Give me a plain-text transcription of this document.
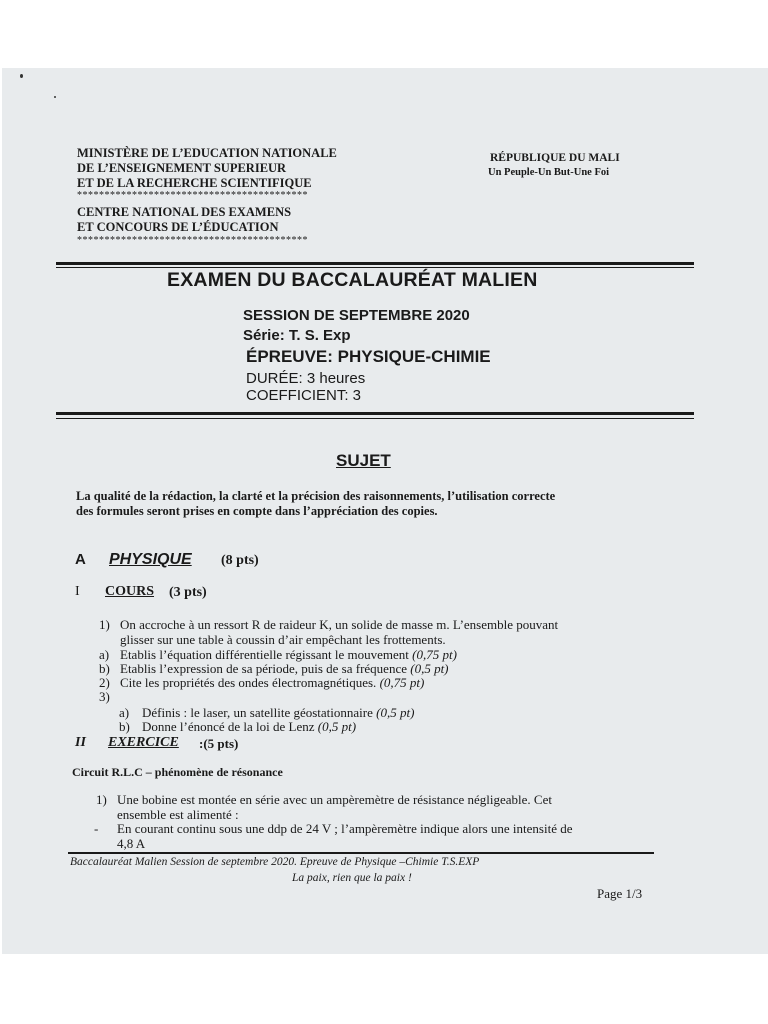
MINISTÈRE DE L’EDUCATION NATIONALE
DE L’ENSEIGNEMENT SUPERIEUR
ET DE LA RECHERCHE SCIENTIFIQUE
******************************************
CENTRE NATIONAL DES EXAMENS
ET CONCOURS DE L’ÉDUCATION
******************************************
RÉPUBLIQUE DU MALI
Un Peuple-Un But-Une Foi
EXAMEN DU BACCALAURÉAT MALIEN
SESSION DE SEPTEMBRE 2020
Série: T. S. Exp
ÉPREUVE: PHYSIQUE-CHIMIE
DURÉE: 3 heures
COEFFICIENT: 3
SUJET
La qualité de la rédaction, la clarté et la précision des raisonnements, l’utilisation correcte
des formules seront prises en compte dans l’appréciation des copies.
A PHYSIQUE (8 pts)
I COURS (3 pts)
1) On accroche à un ressort R de raideur K, un solide de masse m. L’ensemble pouvant
glisser sur une table à coussin d’air empêchant les frottements.
a) Etablis l’équation différentielle régissant le mouvement (0,75 pt)
b) Etablis l’expression de sa période, puis de sa fréquence (0,5 pt)
2) Cite les propriétés des ondes électromagnétiques. (0,75 pt)
3)
a) Définis : le laser, un satellite géostationnaire (0,5 pt)
b) Donne l’énoncé de la loi de Lenz (0,5 pt)
II EXERCICE :(5 pts)
Circuit R.L.C – phénomène de résonance
1) Une bobine est montée en série avec un ampèremètre de résistance négligeable. Cet
ensemble est alimenté :
- En courant continu sous une ddp de 24 V ; l’ampèremètre indique alors une intensité de
4,8 A
Baccalauréat Malien Session de septembre 2020. Epreuve de Physique –Chimie T.S.EXP
La paix, rien que la paix !
Page 1/3
